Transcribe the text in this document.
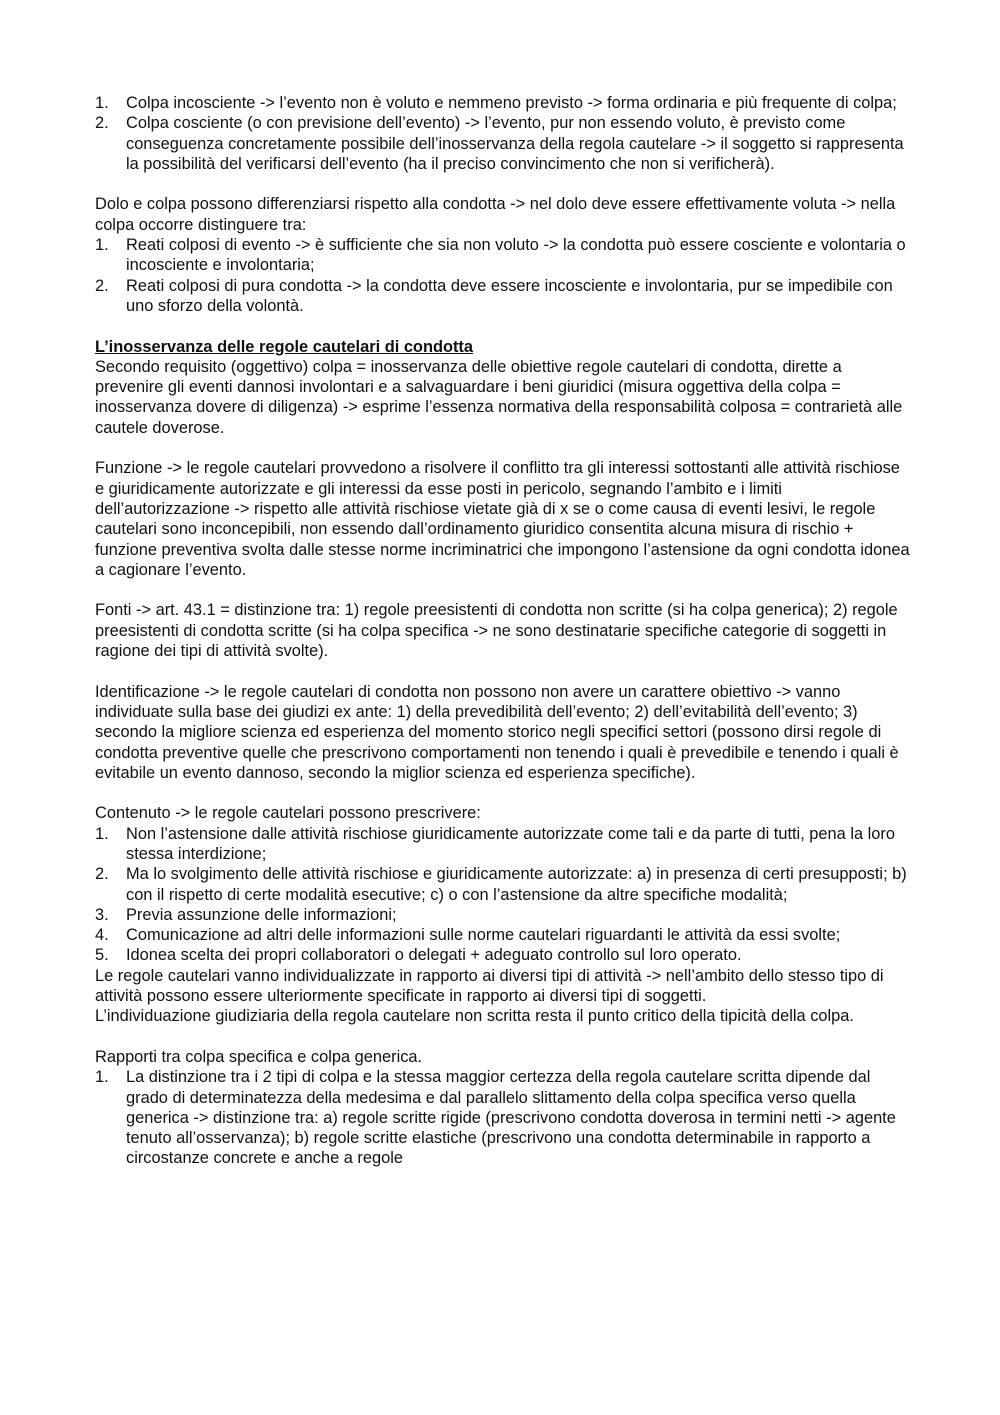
1. Colpa incosciente -> l’evento non è voluto e nemmeno previsto -> forma ordinaria e più frequente di colpa;
2. Colpa cosciente (o con previsione dell’evento) -> l’evento, pur non essendo voluto, è previsto come conseguenza concretamente possibile dell’inosservanza della regola cautelare -> il soggetto si rappresenta la possibilità del verificarsi dell’evento (ha il preciso convincimento che non si verificherà).

Dolo e colpa possono differenziarsi rispetto alla condotta -> nel dolo deve essere effettivamente voluta -> nella colpa occorre distinguere tra:

1. Reati colposi di evento -> è sufficiente che sia non voluto -> la condotta può essere cosciente e volontaria o incosciente e involontaria;
2. Reati colposi di pura condotta -> la condotta deve essere incosciente e involontaria, pur se impedibile con uno sforzo della volontà.

L’inosservanza delle regole cautelari di condotta

Secondo requisito (oggettivo) colpa = inosservanza delle obiettive regole cautelari di condotta, dirette a prevenire gli eventi dannosi involontari e a salvaguardare i beni giuridici (misura oggettiva della colpa = inosservanza dovere di diligenza) -> esprime l’essenza normativa della responsabilità colposa = contrarietà alle cautele doverose.

Funzione -> le regole cautelari provvedono a risolvere il conflitto tra gli interessi sottostanti alle attività rischiose e giuridicamente autorizzate e gli interessi da esse posti in pericolo, segnando l’ambito e i limiti dell’autorizzazione -> rispetto alle attività rischiose vietate già di x se o come causa di eventi lesivi, le regole cautelari sono inconcepibili, non essendo dall’ordinamento giuridico consentita alcuna misura di rischio + funzione preventiva svolta dalle stesse norme incriminatrici che impongono l’astensione da ogni condotta idonea a cagionare l’evento.

Fonti -> art. 43.1 = distinzione tra: 1) regole preesistenti di condotta non scritte (si ha colpa generica); 2) regole preesistenti di condotta scritte (si ha colpa specifica -> ne sono destinatarie specifiche categorie di soggetti in ragione dei tipi di attività svolte).

Identificazione -> le regole cautelari di condotta non possono non avere un carattere obiettivo -> vanno individuate sulla base dei giudizi ex ante: 1) della prevedibilità dell’evento; 2) dell’evitabilità dell’evento; 3) secondo la migliore scienza ed esperienza del momento storico negli specifici settori (possono dirsi regole di condotta preventive quelle che prescrivono comportamenti non tenendo i quali è prevedibile e tenendo i quali è evitabile un evento dannoso, secondo la miglior scienza ed esperienza specifiche).

Contenuto -> le regole cautelari possono prescrivere:

1. Non l’astensione dalle attività rischiose giuridicamente autorizzate come tali e da parte di tutti, pena la loro stessa interdizione;
2. Ma lo svolgimento delle attività rischiose e giuridicamente autorizzate: a) in presenza di certi presupposti; b) con il rispetto di certe modalità esecutive; c) o con l’astensione da altre specifiche modalità;
3. Previa assunzione delle informazioni;
4. Comunicazione ad altri delle informazioni sulle norme cautelari riguardanti le attività da essi svolte;
5. Idonea scelta dei propri collaboratori o delegati + adeguato controllo sul loro operato.

Le regole cautelari vanno individualizzate in rapporto ai diversi tipi di attività -> nell’ambito dello stesso tipo di attività possono essere ulteriormente specificate in rapporto ai diversi tipi di soggetti.

L’individuazione giudiziaria della regola cautelare non scritta resta il punto critico della tipicità della colpa.

Rapporti tra colpa specifica e colpa generica.

1. La distinzione tra i 2 tipi di colpa e la stessa maggior certezza della regola cautelare scritta dipende dal grado di determinatezza della medesima e dal parallelo slittamento della colpa specifica verso quella generica -> distinzione tra: a) regole scritte rigide (prescrivono condotta doverosa in termini netti -> agente tenuto all’osservanza); b) regole scritte elastiche (prescrivono una condotta determinabile in rapporto a circostanze concrete e anche a regole
